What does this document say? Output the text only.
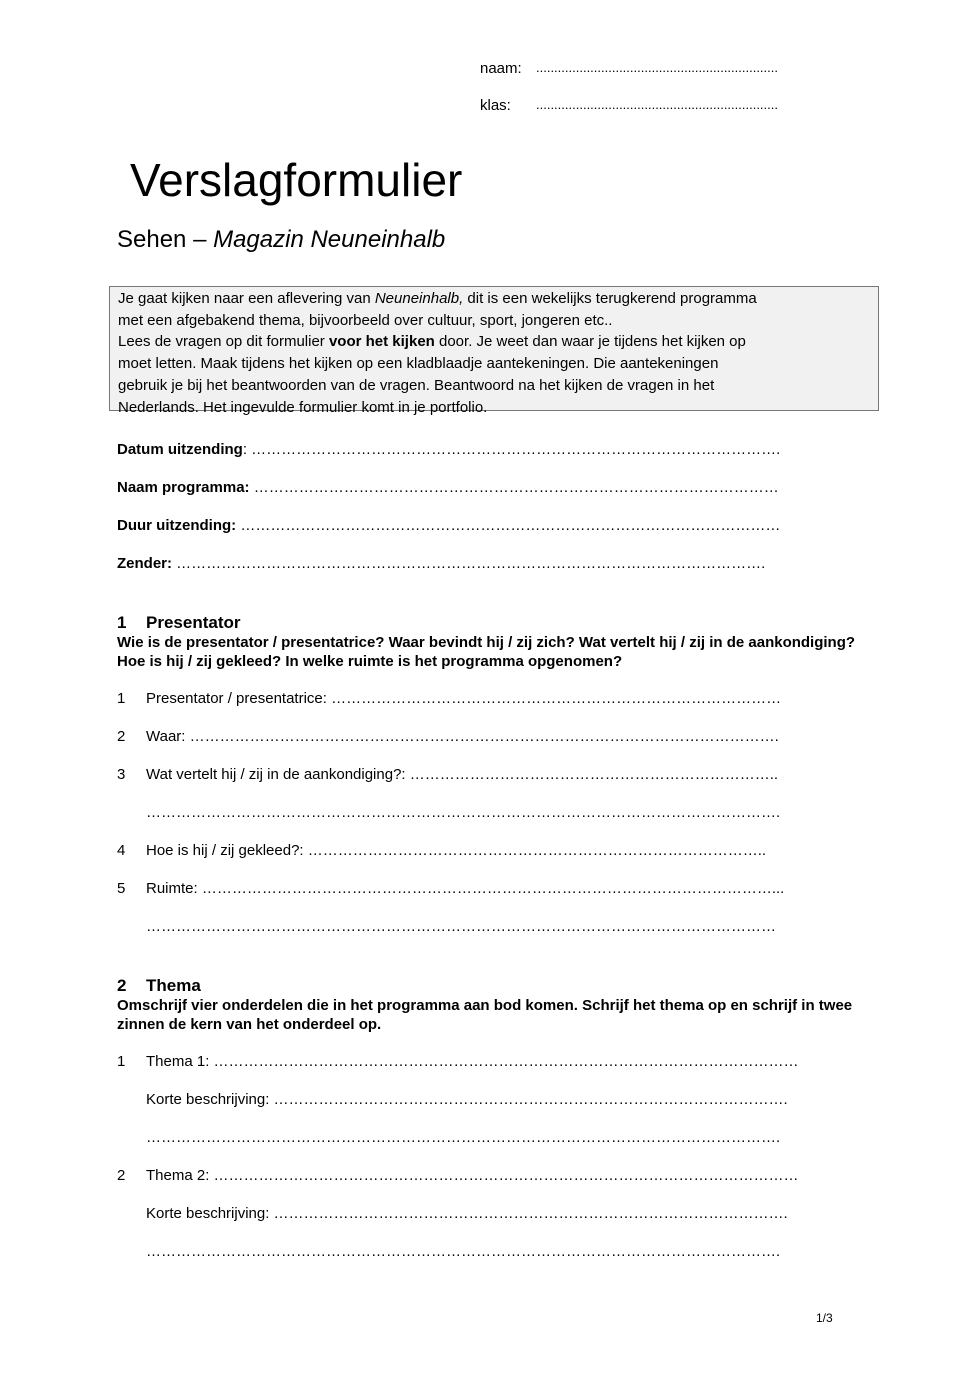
naam: ...................................................................
klas: ...................................................................
Verslagformulier
Sehen – Magazin Neuneinhalb
Je gaat kijken naar een aflevering van Neuneinhalb, dit is een wekelijks terugkerend programma
met een afgebakend thema, bijvoorbeeld over cultuur, sport, jongeren etc..
Lees de vragen op dit formulier voor het kijken door. Je weet dan waar je tijdens het kijken op
moet letten. Maak tijdens het kijken op een kladblaadje aantekeningen. Die aantekeningen
gebruik je bij het beantwoorden van de vragen. Beantwoord na het kijken de vragen in het
Nederlands. Het ingevulde formulier komt in je portfolio.
Datum uitzending: …………………………………………………………………………………………….
Naam programma: ……………………………………………………………………………………………
Duur uitzending: ………………………………………………………………………………………………
Zender: ……………………………………………………………………………………………………….
1 Presentator
Wie is de presentator / presentatrice? Waar bevindt hij / zij zich? Wat vertelt hij / zij in de aankondiging? Hoe is hij / zij gekleed? In welke ruimte is het programma opgenomen?
1 Presentator / presentatrice: ………………………………………………………………………………
2 Waar: ……………………………………………………………………………………………………….
3 Wat vertelt hij / zij in de aankondiging?: ………………………………………………………………..
……………………………………………………………………………………………………………….
4 Hoe is hij / zij gekleed?: ………………………………………………………………………………..
5 Ruimte: ……………………………………………………………………………………………………...
………………………………………………………………………………………………………………
2 Thema
Omschrijf vier onderdelen die in het programma aan bod komen. Schrijf het thema op en schrijf in twee zinnen de kern van het onderdeel op.
1 Thema 1: ………………………………………………………………………………………………………
Korte beschrijving: ………………………………………………………………………………………….
……………………………………………………………………………………………………………….
2 Thema 2: ………………………………………………………………………………………………………
Korte beschrijving: ………………………………………………………………………………………….
……………………………………………………………………………………………………………….
1/3
